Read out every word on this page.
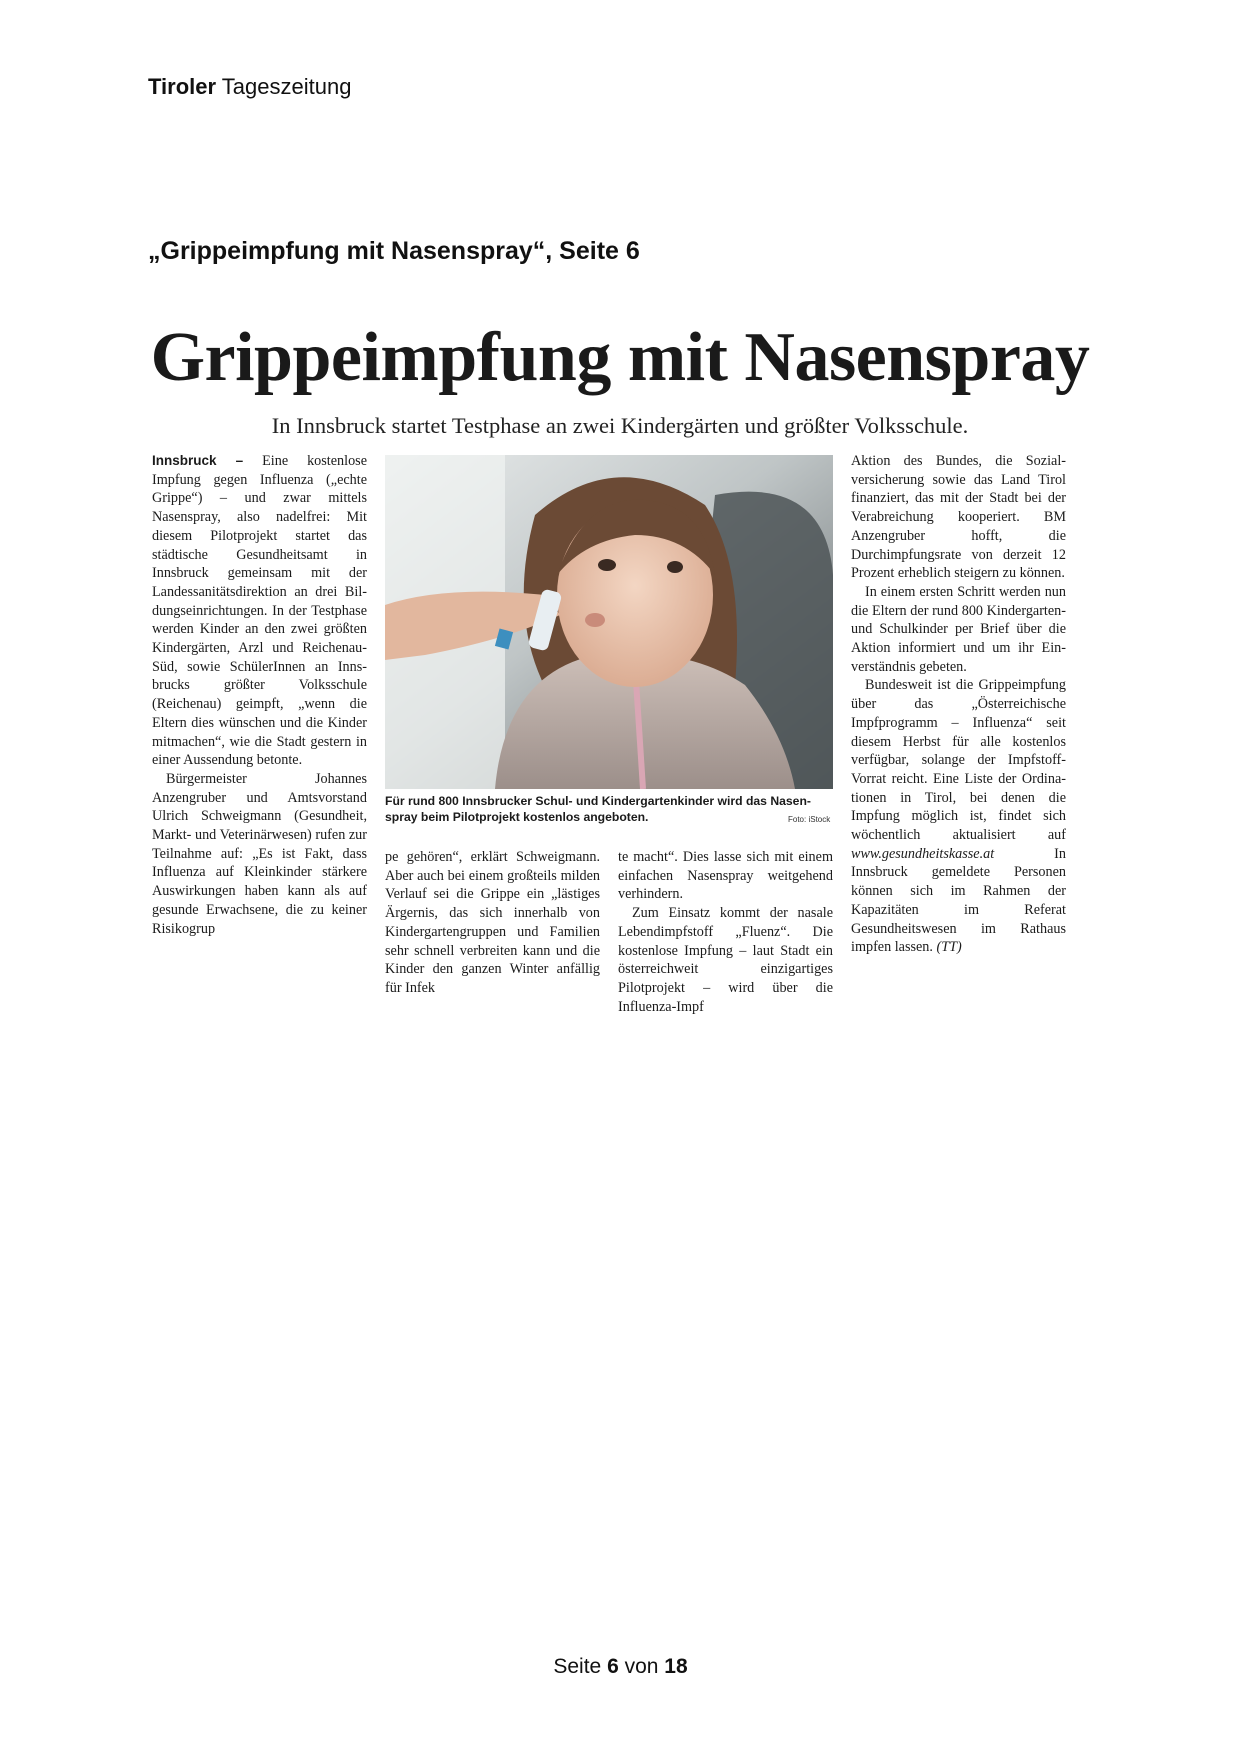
Tiroler Tageszeitung
„Grippeimpfung mit Nasenspray“, Seite 6
Grippeimpfung mit Nasenspray
In Innsbruck startet Testphase an zwei Kindergärten und größter Volksschule.

Innsbruck – Eine kostenlose Impfung gegen Influenza („echte Grippe“) – und zwar mittels Nasenspray, also nadelfrei: Mit diesem Pilotprojekt startet das städtische Gesundheitsamt in Innsbruck gemeinsam mit der Landessanitätsdirektion an drei Bildungseinrichtungen. In der Testphase werden Kinder an den zwei größten Kindergärten, Arzl und Reichenau-Süd, sowie SchülerInnen an Innsbrucks größter Volksschule (Reichenau) geimpft, „wenn die Eltern dies wünschen und die Kinder mitmachen“, wie die Stadt gestern in einer Aussendung betonte.

Bürgermeister Johannes Anzengruber und Amtsvorstand Ulrich Schweigmann (Gesundheit, Markt- und Veterinärwesen) rufen zur Teilnahme auf: „Es ist Fakt, dass Influenza auf Kleinkinder stärkere Auswirkungen haben kann als auf gesunde Erwachsene, die zu keiner Risikogrup

Für rund 800 Innsbrucker Schul- und Kindergartenkinder wird das Nasenspray beim Pilotprojekt kostenlos angeboten.	Foto: iStock

pe gehören“, erklärt Schweigmann. Aber auch bei einem großteils milden Verlauf sei die Grippe ein „lästiges Ärgernis, das sich innerhalb von Kindergartengruppen und Familien sehr schnell verbreiten kann und die Kinder den ganzen Winter anfällig für Infek

te macht“. Dies lasse sich mit einem einfachen Nasenspray weitgehend verhindern.

Zum Einsatz kommt der nasale Lebendimpfstoff „Fluenz“. Die kostenlose Impfung – laut Stadt ein österreichweit einzigartiges Pilotprojekt – wird über die Influenza-Impf

Aktion des Bundes, die Sozialversicherung sowie das Land Tirol finanziert, das mit der Stadt bei der Verabreichung kooperiert. BM Anzengruber hofft, die Durchimpfungsrate von derzeit 12 Prozent erheblich steigern zu können.

In einem ersten Schritt werden nun die Eltern der rund 800 Kindergarten- und Schulkinder per Brief über die Aktion informiert und um ihr Einverständnis gebeten.

Bundesweit ist die Grippeimpfung über das „Österreichische Impfprogramm – Influenza“ seit diesem Herbst für alle kostenlos verfügbar, solange der Impfstoff-Vorrat reicht. Eine Liste der Ordinationen in Tirol, bei denen die Impfung möglich ist, findet sich wöchentlich aktualisiert auf www.gesundheitskasse.at In Innsbruck gemeldete Personen können sich im Rahmen der Kapazitäten im Referat Gesundheitswesen im Rathaus impfen lassen. (TT)

Seite 6 von 18
